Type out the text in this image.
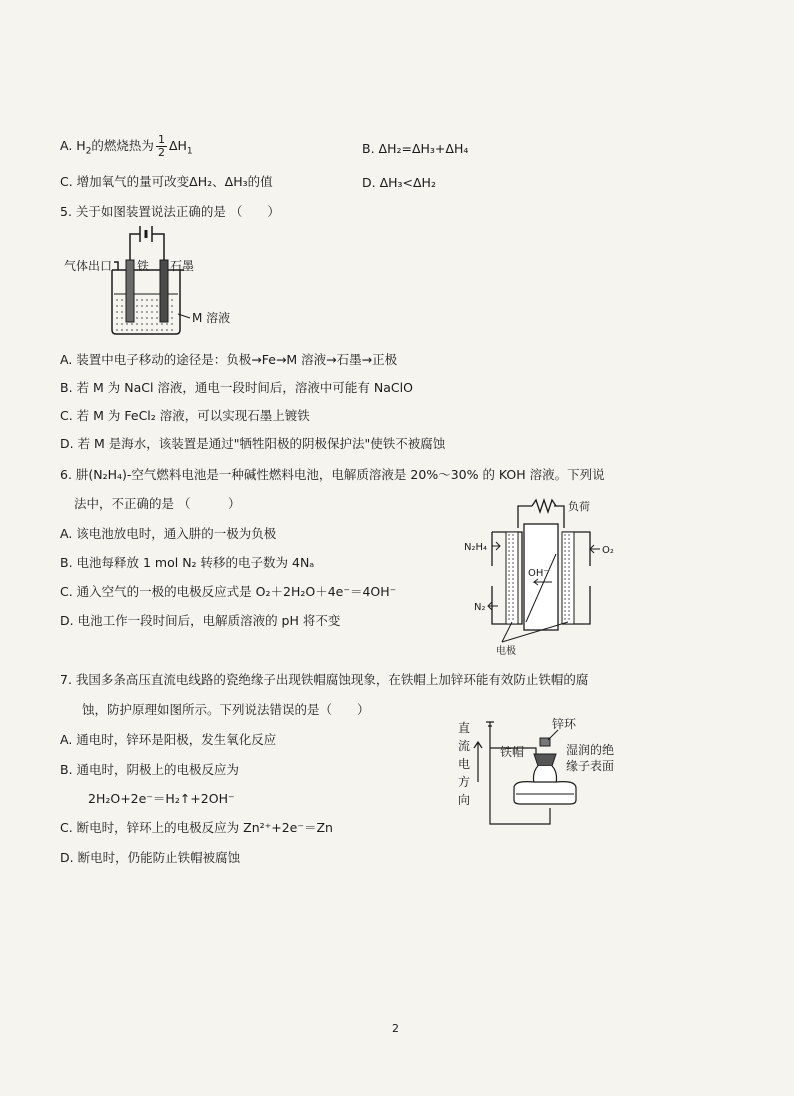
A. $H_2$的燃烧热为 $\frac{1}{2} \Delta H_1$	B. ΔH₂=ΔH₃+ΔH₄
C. 增加氧气的量可改变ΔH₂、ΔH₃的值	D. ΔH₃<ΔH₂
5. 关于如图装置说法正确的是 （　　）
气体出口 铁 石墨
M 溶液
A. 装置中电子移动的途径是：负极→Fe→M 溶液→石墨→正极
B. 若 M 为 NaCl 溶液，通电一段时间后，溶液中可能有 NaClO
C. 若 M 为 FeCl₂ 溶液，可以实现石墨上镀铁
D. 若 M 是海水，该装置是通过"牺牲阳极的阴极保护法"使铁不被腐蚀
6. 肼(N₂H₄)-空气燃料电池是一种碱性燃料电池，电解质溶液是 20%～30% 的 KOH 溶液。下列说
法中，不正确的是 （　　　）
A. 该电池放电时，通入肼的一极为负极
B. 电池每释放 1 mol N₂ 转移的电子数为 4Nₐ
C. 通入空气的一极的电极反应式是 O₂＋2H₂O＋4e⁻＝4OH⁻
D. 电池工作一段时间后，电解质溶液的 pH 将不变
负荷
OH⁻
N₂H₄	O₂
N₂
电极
7. 我国多条高压直流电线路的瓷绝缘子出现铁帽腐蚀现象，在铁帽上加锌环能有效防止铁帽的腐
蚀，防护原理如图所示。下列说法错误的是（　　）
A. 通电时，锌环是阳极，发生氧化反应
B. 通电时，阴极上的电极反应为
2H₂O+2e⁻＝H₂↑+2OH⁻
C. 断电时，锌环上的电极反应为 Zn²⁺+2e⁻＝Zn
D. 断电时，仍能防止铁帽被腐蚀
直
流
电
方
向
锌环
铁帽	湿润的绝
缘子表面
2
